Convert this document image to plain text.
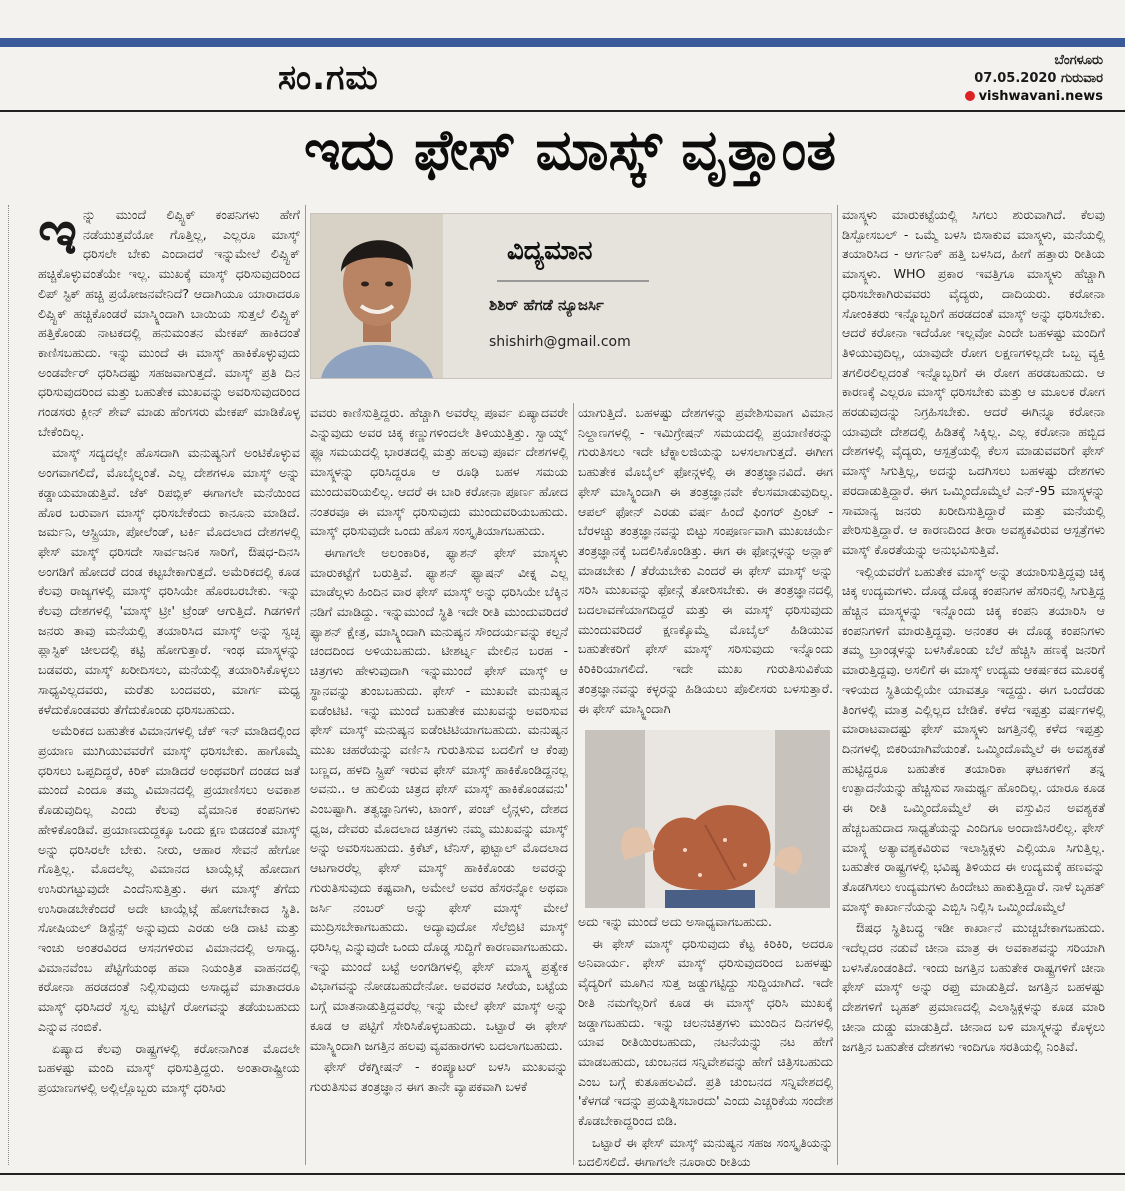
ಸಂ.ಗಮ	ಬೆಂಗಳೂರು
07.05.2020 ಗುರುವಾರ
vishwavani.news
ಇದು ಫೇಸ್ ಮಾಸ್ಕ್ ವೃತ್ತಾಂತ
ವಿದ್ಯಮಾನ
ಶಿಶಿರ್ ಹೆಗಡೆ ನ್ಯೂಜರ್ಸಿ
shishirh@gmail.com

ಇನ್ನು ಮುಂದೆ ಲಿಪ್ಸ್ಟಿಕ್ ಕಂಪನಿಗಳು ಹೇಗೆ ನಡೆಯುತ್ತವೆಯೋ ಗೊತ್ತಿಲ್ಲ, ಎಲ್ಲರೂ ಮಾಸ್ಕ್ ಧರಿಸಲೇ ಬೇಕು ಎಂದಾದರೆ ಇನ್ನುಮೇಲೆ ಲಿಪ್ಸ್ಟಿಕ್ ಹಚ್ಚಿಕೊಳ್ಳುವಂತೆಯೇ ಇಲ್ಲ. ಮುಖಕ್ಕೆ ಮಾಸ್ಕ್ ಧರಿಸುವುದರಿಂದ ಲಿಪ್ ಸ್ಟಿಕ್ ಹಚ್ಚಿ ಪ್ರಯೋಜನವೇನಿದೆ? ಆದಾಗಿಯೂ ಯಾರಾದರೂ ಲಿಪ್ಸ್ಟಿಕ್ ಹಚ್ಚಿಕೊಂಡರೆ ಮಾಸ್ಕ್ನಿಂದಾಗಿ ಬಾಯಿಯ ಸುತ್ತಲೆ ಲಿಪ್ಸ್ಟಿಕ್ ಹತ್ತಿಕೊಂಡು ನಾಟಕದಲ್ಲಿ ಹನುಮಂತನ ಮೇಕಪ್ ಹಾಕಿದಂತೆ ಕಾಣಿಸಬಹುದು. ಇನ್ನು ಮುಂದೆ ಈ ಮಾಸ್ಕ್ ಹಾಕಿಕೊಳ್ಳುವುದು ಅಂಡರ್ವೇರ್ ಧರಿಸಿದಷ್ಟು ಸಹಜವಾಗುತ್ತದೆ. ಮಾಸ್ಕ್ ಪ್ರತಿ ದಿನ ಧರಿಸುವುದರಿಂದ ಮತ್ತು ಬಹುತೇಕ ಮುಖವನ್ನು ಅವರಿಸುವುದರಿಂದ ಗಂಡಸರು ಕ್ಲೀನ್ ಶೇವ್ ಮಾಡು ಹೆಂಗಸರು ಮೇಕಪ್ ಮಾಡಿಕೊಳ್ಳ ಬೇಕೆಂದಿಲ್ಲ.

ಮಾಸ್ಕ್ ಸದ್ಯದಲ್ಲೇ ಹೊಸದಾಗಿ ಮನುಷ್ಯನಿಗೆ ಅಂಟಿಕೊಳ್ಳುವ ಅಂಗವಾಗಲಿದೆ, ಮೊಬೈಲ್ನಂತೆ. ಎಲ್ಲ ದೇಶಗಳೂ ಮಾಸ್ಕ್ ಅನ್ನು ಕಡ್ಡಾಯಮಾಡುತ್ತಿವೆ. ಜೆಕ್ ರಿಪಬ್ಲಿಕ್ ಈಗಾಗಲೇ ಮನೆಯಿಂದ ಹೊರ ಬರುವಾಗ ಮಾಸ್ಕ್ ಧರಿಸಬೇಕೆಂದು ಕಾನೂನು ಮಾಡಿದೆ. ಜರ್ಮನಿ, ಆಸ್ಟ್ರಿಯಾ, ಪೋಲೆಂಡ್, ಟರ್ಕಿ ಮೊದಲಾದ ದೇಶಗಳಲ್ಲಿ ಫೇಸ್ ಮಾಸ್ಕ್ ಧರಿಸದೇ ಸಾರ್ವಜನಿಕ ಸಾರಿಗೆ, ಔಷಧ-ದಿನಸಿ ಅಂಗಡಿಗೆ ಹೋದರೆ ದಂಡ ಕಟ್ಟಬೇಕಾಗುತ್ತದೆ. ಅಮೆರಿಕದಲ್ಲಿ ಕೂಡ ಕೆಲವು ರಾಜ್ಯಗಳಲ್ಲಿ ಮಾಸ್ಕ್ ಧರಿಸಿಯೇ ಹೊರಬರಬೇಕು. ಇನ್ನು ಕೆಲವು ದೇಶಗಳಲ್ಲಿ 'ಮಾಸ್ಕ್ ಟ್ರೀ' ಟ್ರೆಂಡ್ ಆಗುತ್ತಿದೆ. ಗಿಡಗಳಿಗೆ ಜನರು ತಾವು ಮನೆಯಲ್ಲಿ ತಯಾರಿಸಿದ ಮಾಸ್ಕ್ ಅನ್ನು ಸ್ವಚ್ಛ ಪ್ಲಾಸ್ಟಿಕ್ ಚೀಲದಲ್ಲಿ ಕಟ್ಟಿ ಹೋಗುತ್ತಾರೆ. ಇಂಥ ಮಾಸ್ಕ್ಗಳನ್ನು ಬಡವರು, ಮಾಸ್ಕ್ ಖರೀದಿಸಲು, ಮನೆಯಲ್ಲಿ ತಯಾರಿಸಿಕೊಳ್ಳಲು ಸಾಧ್ಯವಿಲ್ಲದವರು, ಮರೆತು ಬಂದವರು, ಮಾರ್ಗ ಮಧ್ಯ ಕಳೆದುಕೊಂಡವರು ತೆಗೆದುಕೊಂಡು ಧರಿಸಬಹುದು.

ಅಮೆರಿಕದ ಬಹುತೇಕ ವಿಮಾನಗಳಲ್ಲಿ ಚೆಕ್ ಇನ್ ಮಾಡಿದಲ್ಲಿಂದ ಪ್ರಯಾಣ ಮುಗಿಯುವವರೆಗೆ ಮಾಸ್ಕ್ ಧರಿಸಬೇಕು. ಹಾಗೊಮ್ಮೆ ಧರಿಸಲು ಒಪ್ಪದಿದ್ದರೆ, ಕಿರಿಕ್ ಮಾಡಿದರೆ ಅಂಥವರಿಗೆ ದಂಡದ ಜತೆ ಮುಂದೆ ಎಂದೂ ತಮ್ಮ ವಿಮಾನದಲ್ಲಿ ಪ್ರಯಾಣಿಸಲು ಅವಕಾಶ ಕೊಡುವುದಿಲ್ಲ ಎಂದು ಕೆಲವು ವೈಮಾನಿಕ ಕಂಪನಿಗಳು ಹೇಳಿಕೊಂಡಿವೆ. ಪ್ರಯಾಣದುದ್ದಕ್ಕೂ ಒಂದು ಕ್ಷಣ ಬಿಡದಂತೆ ಮಾಸ್ಕ್ ಅನ್ನು ಧರಿಸಿರಲೇ ಬೇಕು. ನೀರು, ಆಹಾರ ಸೇವನೆ ಹೇಗೋ ಗೊತ್ತಿಲ್ಲ. ಮೊದಲೆಲ್ಲ ವಿಮಾನದ ಟಾಯ್ಲೆಟ್ಗೆ ಹೋದಾಗ ಉಸಿರುಗಟ್ಟುವುದೇ ಎಂದೆನಿಸುತ್ತಿತ್ತು. ಈಗ ಮಾಸ್ಕ್ ತೆಗೆದು ಉಸಿರಾಡಬೇಕೆಂದರೆ ಅದೇ ಟಾಯ್ಲೆಟ್ಗೆ ಹೋಗಬೇಕಾದ ಸ್ಥಿತಿ. ಸೋಷಿಯಲ್ ಡಿಸ್ಟೆನ್ಸ್ ಅನ್ನುವುದು ಎರಡು ಅಡಿ ದಾಟಿ ಮತ್ತು ಇಂಚು ಅಂತರವಿರದ ಆಸನಗಳಿರುವ ವಿಮಾನದಲ್ಲಿ ಅಸಾಧ್ಯ. ವಿಮಾನವೆಂಬ ಪೆಟ್ಟಿಗೆಯಂಥ ಹವಾ ನಿಯಂತ್ರಿತ ವಾಹನದಲ್ಲಿ ಕರೋನಾ ಹರಡದಂತೆ ನಿಲ್ಲಿಸುವುದು ಅಸಾಧ್ಯವೆ ಮಾತಾದರೂ ಮಾಸ್ಕ್ ಧರಿಸಿದರೆ ಸ್ವಲ್ಪ ಮಟ್ಟಿಗೆ ರೋಗವನ್ನು ತಡೆಯಬಹುದು ಎನ್ನುವ ನಂಬಿಕೆ.

ಏಷ್ಯಾದ ಕೆಲವು ರಾಷ್ಟ್ರಗಳಲ್ಲಿ ಕರೋನಾಗಿಂತ ಮೊದಲೇ ಬಹಳಷ್ಟು ಮಂದಿ ಮಾಸ್ಕ್ ಧರಿಸುತ್ತಿದ್ದರು. ಅಂತಾರಾಷ್ಟ್ರೀಯ ಪ್ರಯಾಣಗಳಲ್ಲಿ ಅಲ್ಲಿಲ್ಲೊಬ್ಬರು ಮಾಸ್ಕ್ ಧರಿಸಿರು

ವವರು ಕಾಣಿಸುತ್ತಿದ್ದರು. ಹೆಚ್ಚಾಗಿ ಅವರೆಲ್ಲ ಪೂರ್ವ ಏಷ್ಯಾದವರೇ ಎನ್ನುವುದು ಅವರ ಚಿಕ್ಕ ಕಣ್ಣುಗಳಿಂದಲೇ ತಿಳಿಯುತ್ತಿತ್ತು. ಸ್ವಾಯ್ನ್ ಫ್ಲೂ ಸಮಯದಲ್ಲಿ ಭಾರತದಲ್ಲಿ ಮತ್ತು ಹಲವು ಪೂರ್ವ ದೇಶಗಳಲ್ಲಿ ಮಾಸ್ಕ್ಗಳನ್ನು ಧರಿಸಿದ್ದರೂ ಆ ರೂಢಿ ಬಹಳ ಸಮಯ ಮುಂದುವರಿಯಲಿಲ್ಲ. ಆದರೆ ಈ ಬಾರಿ ಕರೋನಾ ಪೂರ್ಣ ಹೋದ ನಂತರವೂ ಈ ಮಾಸ್ಕ್ ಧರಿಸುವುದು ಮುಂದುವರಿಯಬಹುದು. ಮಾಸ್ಕ್ ಧರಿಸುವುದೇ ಒಂದು ಹೊಸ ಸಂಸ್ಕೃತಿಯಾಗಬಹುದು.

ಈಗಾಗಲೇ ಅಲಂಕಾರಿಕ, ಫ್ಯಾಶನ್ ಫೇಸ್ ಮಾಸ್ಕ್ಗಳು ಮಾರುಕಟ್ಟೆಗೆ ಬರುತ್ತಿವೆ. ಫ್ಯಾಶನ್ ಫ್ಯಾಷನ್ ವೀಕ್ನ ಎಲ್ಲ ಮಾಡೆಲ್ಗಳು ಹಿಂದಿನ ವಾರ ಫೇಸ್ ಮಾಸ್ಕ್ ಅನ್ನು ಧರಿಸಿಯೇ ಬೆಕ್ಕಿನ ನಡಿಗೆ ಮಾಡಿದ್ದು. ಇನ್ನುಮುಂದೆ ಸ್ಥಿತಿ ಇದೇ ರೀತಿ ಮುಂದುವರಿದರೆ ಫ್ಯಾಶನ್ ಕ್ಷೇತ್ರ, ಮಾಸ್ಕ್ನಿಂದಾಗಿ ಮನುಷ್ಯನ ಸೌಂದರ್ಯವನ್ನು ಕಲ್ಪನೆ ಚಂದದಿಂದ ಅಳಿಯಬಹುದು. ಟೀಶರ್ಟ್ನ ಮೇಲಿನ ಬರಹ - ಚಿತ್ರಗಳು ಹೇಳುವುದಾಗಿ ಇನ್ನುಮುಂದೆ ಫೇಸ್ ಮಾಸ್ಕ್ ಆ ಸ್ಥಾನವನ್ನು ತುಂಬಬಹುದು. ಫೇಸ್ - ಮುಖವೇ ಮನುಷ್ಯನ ಐಡೆಂಟಿಟಿ. ಇನ್ನು ಮುಂದೆ ಬಹುತೇಕ ಮುಖವನ್ನು ಅವರಿಸುವ ಫೇಸ್ ಮಾಸ್ಕ್ ಮನುಷ್ಯನ ಐಡೆಂಟಿಟಿಯಾಗಬಹುದು. ಮನುಷ್ಯನ ಮುಖ ಚಹರೆಯನ್ನು ವರ್ಣಿಸಿ ಗುರುತಿಸುವ ಬದಲಿಗೆ ಆ ಕೆಂಪು ಬಣ್ಣದ, ಹಳದಿ ಸ್ಟ್ರಿಪ್ ಇರುವ ಫೇಸ್ ಮಾಸ್ಕ್ ಹಾಕಿಕೊಂಡಿದ್ದನಲ್ಲ ಅವನು.. ಆ ಹುಲಿಯ ಚಿತ್ರದ ಫೇಸ್ ಮಾಸ್ಕ್ ಹಾಕಿಕೊಂಡವನು' ಎಂಬಷ್ಟಾಗಿ. ತತ್ವಜ್ಞಾನಿಗಳು, ಟಾಂಗ್, ಪಂಚ್ ಲೈನ್ಗಳು, ದೇಶದ ಧ್ವಜ, ದೇವರು ಮೊದಲಾದ ಚಿತ್ರಗಳು ನಮ್ಮ ಮುಖವನ್ನು ಮಾಸ್ಕ್ ಅನ್ನು ಅವರಿಸಬಹುದು. ಕ್ರಿಕೆಟ್, ಟೆನಿಸ್, ಫುಟ್ಬಾಲ್ ಮೊದಲಾದ ಆಟಗಾರರೆಲ್ಲ ಫೇಸ್ ಮಾಸ್ಕ್ ಹಾಕಿಕೊಂಡು ಅವರನ್ನು ಗುರುತಿಸುವುದು ಕಷ್ಟವಾಗಿ, ಅಮೇಲೆ ಅವರ ಹೆಸರನ್ನೋ ಅಥವಾ ಜರ್ಸಿ ನಂಬರ್ ಅನ್ನು ಫೇಸ್ ಮಾಸ್ಕ್ ಮೇಲೆ ಮುದ್ರಿಸಬೇಕಾಗಬಹುದು. ಅದ್ಯಾವುದೋ ಸೆಲೆಬ್ರಿಟಿ ಮಾಸ್ಕ್ ಧರಿಸಿಲ್ಲ ಎನ್ನುವುದೇ ಒಂದು ದೊಡ್ಡ ಸುದ್ದಿಗೆ ಕಾರಣವಾಗಬಹುದು. ಇನ್ನು ಮುಂದೆ ಬಟ್ಟೆ ಅಂಗಡಿಗಳಲ್ಲಿ ಫೇಸ್ ಮಾಸ್ಕ್ನ ಪ್ರತ್ಯೇಕ ವಿಭಾಗವನ್ನು ನೋಡಬಹುದೇನೋ. ಅವರವರ ಸೀರೆಯ, ಬಟ್ಟೆಯ ಬಗ್ಗೆ ಮಾತನಾಡುತ್ತಿದ್ದವರೆಲ್ಲ ಇನ್ನು ಮೇಲೆ ಫೇಸ್ ಮಾಸ್ಕ್ ಅನ್ನು ಕೂಡ ಆ ಪಟ್ಟಿಗೆ ಸೇರಿಸಿಕೊಳ್ಳಬಹುದು. ಒಟ್ಟಾರೆ ಈ ಫೇಸ್ ಮಾಸ್ಕ್ನಿಂದಾಗಿ ಜಗತ್ತಿನ ಹಲವು ವ್ಯವಹಾರಗಳು ಬದಲಾಗಬಹುದು.

ಫೇಸ್ ರೆಕಗ್ನೀಷನ್ - ಕಂಪ್ಯೂಟರ್ ಬಳಸಿ ಮುಖವನ್ನು ಗುರುತಿಸುವ ತಂತ್ರಜ್ಞಾನ ಈಗ ತಾನೇ ವ್ಯಾಪಕವಾಗಿ ಬಳಕೆ

ಯಾಗುತ್ತಿದೆ. ಬಹಳಷ್ಟು ದೇಶಗಳನ್ನು ಪ್ರವೇಶಿಸುವಾಗ ವಿಮಾನ ನಿಲ್ದಾಣಗಳಲ್ಲಿ - ಇಮಿಗ್ರೇಷನ್ ಸಮಯದಲ್ಲಿ ಪ್ರಯಾಣಿಕರನ್ನು ಗುರುತಿಸಲು ಇದೇ ಟೆಕ್ನಾಲಜಿಯನ್ನು ಬಳಸಲಾಗುತ್ತದೆ. ಈಗೀಗ ಬಹುತೇಕ ಮೊಬೈಲ್ ಫೋನ್ಗಳಲ್ಲಿ ಈ ತಂತ್ರಜ್ಞಾನವಿದೆ. ಈಗ ಫೇಸ್ ಮಾಸ್ಕ್ನಿಂದಾಗಿ ಈ ತಂತ್ರಜ್ಞಾನವೇ ಕೆಲಸಮಾಡುವುದಿಲ್ಲ. ಆಪಲ್ ಫೋನ್ ಎರಡು ವರ್ಷ ಹಿಂದೆ ಫಿಂಗರ್ ಪ್ರಿಂಟ್ - ಬೆರಳಚ್ಚು ತಂತ್ರಜ್ಞಾನವನ್ನು ಬಿಟ್ಟು ಸಂಪೂರ್ಣವಾಗಿ ಮುಖಚರ್ಯೆ ತಂತ್ರಜ್ಞಾನಕ್ಕೆ ಬದಲಿಸಿಕೊಂಡಿತ್ತು. ಈಗ ಈ ಫೋನ್ಗಳನ್ನು ಅನ್ಲಾಕ್ ಮಾಡಬೇಕು / ತೆರೆಯಬೇಕು ಎಂದರೆ ಈ ಫೇಸ್ ಮಾಸ್ಕ್ ಅನ್ನು ಸರಿಸಿ ಮುಖವನ್ನು ಫೋನ್ಗೆ ತೋರಿಸಬೇಕು. ಈ ತಂತ್ರಜ್ಞಾನದಲ್ಲಿ ಬದಲಾವಣೆಯಾಗದಿದ್ದರೆ ಮತ್ತು ಈ ಮಾಸ್ಕ್ ಧರಿಸುವುದು ಮುಂದುವರಿದರೆ ಕ್ಷಣಕ್ಕೊಮ್ಮೆ ಮೊಬೈಲ್ ಹಿಡಿಯುವ ಬಹುತೇಕರಿಗೆ ಫೇಸ್ ಮಾಸ್ಕ್ ಸರಿಸುವುದು ಇನ್ನೊಂದು ಕಿರಿಕಿರಿಯಾಗಲಿದೆ. ಇದೇ ಮುಖ ಗುರುತಿಸುವಿಕೆಯ ತಂತ್ರಜ್ಞಾನವನ್ನು ಕಳ್ಳರನ್ನು ಹಿಡಿಯಲು ಪೊಲೀಸರು ಬಳಸುತ್ತಾರೆ. ಈ ಫೇಸ್ ಮಾಸ್ಕ್ನಿಂದಾಗಿ

ಅದು ಇನ್ನು ಮುಂದೆ ಅದು ಅಸಾಧ್ಯವಾಗಬಹುದು.

ಈ ಫೇಸ್ ಮಾಸ್ಕ್ ಧರಿಸುವುದು ಕೆಟ್ಟ ಕಿರಿಕಿರಿ, ಅದರೂ ಅನಿವಾರ್ಯ. ಫೇಸ್ ಮಾಸ್ಕ್ ಧರಿಸುವುದರಿಂದ ಬಹಳಷ್ಟು ವೈದ್ಯರಿಗೆ ಮೂಗಿನ ಸುತ್ತ ಜಡ್ಡುಗಟ್ಟಿದ್ದು ಸುದ್ದಿಯಾಗಿದೆ. ಇದೇ ರೀತಿ ನಮಗೆಲ್ಲರಿಗೆ ಕೂಡ ಈ ಮಾಸ್ಕ್ ಧರಿಸಿ ಮುಖಕ್ಕೆ ಜಡ್ಡಾಗಬಹುದು. ಇನ್ನು ಚಲನಚಿತ್ರಗಳು ಮುಂದಿನ ದಿನಗಳಲ್ಲಿ ಯಾವ ರೀತಿಯಿರಬಹುದು, ನಟನೆಯನ್ನು ನಟ ಹೇಗೆ ಮಾಡಬಹುದು, ಚುಂಬನದ ಸನ್ನಿವೇಶವನ್ನು ಹೇಗೆ ಚಿತ್ರಿಸಬಹುದು ಎಂಬ ಬಗ್ಗೆ ಕುತೂಹಲವಿದೆ. ಪ್ರತಿ ಚುಂಬನದ ಸನ್ನಿವೇಶದಲ್ಲಿ 'ಕೆಳಗಡೆ ಇದನ್ನು ಪ್ರಯತ್ನಿಸಬಾರದು' ಎಂದು ಎಚ್ಚರಿಕೆಯ ಸಂದೇಶ ಕೊಡಬೇಕಾದ್ದರಿಂದ ಬಿಡಿ.

ಒಟ್ಟಾರೆ ಈ ಫೇಸ್ ಮಾಸ್ಕ್ ಮನುಷ್ಯನ ಸಹಜ ಸಂಸ್ಕೃತಿಯನ್ನು ಬದಲಿಸಲಿದೆ. ಈಗಾಗಲೇ ನೂರಾರು ರೀತಿಯ

ಮಾಸ್ಕ್ಗಳು ಮಾರುಕಟ್ಟೆಯಲ್ಲಿ ಸಿಗಲು ಶುರುವಾಗಿದೆ. ಕೆಲವು ಡಿಸ್ಪೋಸಬಲ್ - ಒಮ್ಮೆ ಬಳಸಿ ಬಿಸಾಕುವ ಮಾಸ್ಕ್ಗಳು, ಮನೆಯಲ್ಲಿ ತಯಾರಿಸಿದ - ಆರ್ಗನಿಕ್ ಹತ್ತಿ ಬಳಸಿದ, ಹೀಗೆ ಹತ್ತಾರು ರೀತಿಯ ಮಾಸ್ಕ್ಗಳು. WHO ಪ್ರಕಾರ ಇವತ್ತಿಗೂ ಮಾಸ್ಕ್ಗಳು ಹೆಚ್ಚಾಗಿ ಧರಿಸಬೇಕಾಗಿರುವವರು ವೈದ್ಯರು, ದಾದಿಯರು. ಕರೋನಾ ಸೋಂಕಿತರು ಇನ್ನೊಬ್ಬರಿಗೆ ಹರಡದಂತೆ ಮಾಸ್ಕ್ ಅನ್ನು ಧರಿಸಬೇಕು. ಆದರೆ ಕರೋನಾ ಇದೆಯೋ ಇಲ್ಲವೋ ಎಂದೇ ಬಹಳಷ್ಟು ಮಂದಿಗೆ ತಿಳಿಯುವುದಿಲ್ಲ, ಯಾವುದೇ ರೋಗ ಲಕ್ಷಣಗಳಿಲ್ಲದೇ ಒಬ್ಬ ವ್ಯಕ್ತಿ ತಗಲಿರಲಿಲ್ಲದಂತೆ ಇನ್ನೊಬ್ಬರಿಗೆ ಈ ರೋಗ ಹರಡಬಹುದು. ಆ ಕಾರಣಕ್ಕೆ ಎಲ್ಲರೂ ಮಾಸ್ಕ್ ಧರಿಸಬೇಕು ಮತ್ತು ಆ ಮೂಲಕ ರೋಗ ಹರಡುವುದನ್ನು ನಿಗ್ರಹಿಸಬೇಕು. ಆದರೆ ಈಗಿನ್ನೂ ಕರೋನಾ ಯಾವುದೇ ದೇಶದಲ್ಲಿ ಹಿಡಿತಕ್ಕೆ ಸಿಕ್ಕಿಲ್ಲ. ಎಲ್ಲ ಕರೋನಾ ಹಬ್ಬಿದ ದೇಶಗಳಲ್ಲಿ ವೈದ್ಯರು, ಆಸ್ಪತ್ರೆಯಲ್ಲಿ ಕೆಲಸ ಮಾಡುವವರಿಗೆ ಫೇಸ್ ಮಾಸ್ಕ್ ಸಿಗುತ್ತಿಲ್ಲ, ಅದನ್ನು ಒದಗಿಸಲು ಬಹಳಷ್ಟು ದೇಶಗಳು ಪರದಾಡುತ್ತಿದ್ದಾರೆ. ಈಗ ಒಮ್ಮಿಂದೊಮ್ಮೆಲೆ ಎನ್-95 ಮಾಸ್ಕ್ಗಳನ್ನು ಸಾಮಾನ್ಯ ಜನರು ಖರೀದಿಸುತ್ತಿದ್ದಾರೆ ಮತ್ತು ಮನೆಯಲ್ಲಿ ಪೇರಿಸುತ್ತಿದ್ದಾರೆ. ಆ ಕಾರಣದಿಂದ ತೀರಾ ಅವಶ್ಯಕವಿರುವ ಆಸ್ಪತ್ರೆಗಳು ಮಾಸ್ಕ್ ಕೊರತೆಯನ್ನು ಅನುಭವಿಸುತ್ತಿವೆ.

ಇಲ್ಲಿಯವರೆಗೆ ಬಹುತೇಕ ಮಾಸ್ಕ್ ಅನ್ನು ತಯಾರಿಸುತ್ತಿದ್ದವು ಚಿಕ್ಕ ಚಿಕ್ಕ ಉದ್ಯಮಗಳು. ದೊಡ್ಡ ದೊಡ್ಡ ಕಂಪನಿಗಳ ಹೆಸರಿನಲ್ಲಿ ಸಿಗುತ್ತಿದ್ದ ಹೆಚ್ಚಿನ ಮಾಸ್ಕ್ಗಳನ್ನು ಇನ್ನೊಂದು ಚಿಕ್ಕ ಕಂಪನಿ ತಯಾರಿಸಿ ಆ ಕಂಪನಿಗಳಿಗೆ ಮಾರುತ್ತಿದ್ದವು. ಅನಂತರ ಈ ದೊಡ್ಡ ಕಂಪನಿಗಳು ತಮ್ಮ ಬ್ರಾಂಡ್ಗಳನ್ನು ಬಳಸಿಕೊಂಡು ಬೆಲೆ ಹೆಚ್ಚಿಸಿ ಹಣಕ್ಕೆ ಜನರಿಗೆ ಮಾರುತ್ತಿದ್ದವು. ಅಸಲಿಗೆ ಈ ಮಾಸ್ಕ್ ಉದ್ಯಮ ಆಕರ್ಷಕದ ಮೂರಕ್ಕೆ ಇಳಿಯದ ಸ್ಥಿತಿಯಲ್ಲಿಯೇ ಯಾವತ್ತೂ ಇದ್ದದ್ದು. ಈಗ ಒಂದೆರಡು ತಿಂಗಳಲ್ಲಿ ಮಾತ್ರ ಎಲ್ಲಿಲ್ಲದ ಬೇಡಿಕೆ. ಕಳೆದ ಇಪ್ಪತ್ತು ವರ್ಷಗಳಲ್ಲಿ ಮಾರಾಟವಾದಷ್ಟು ಫೇಸ್ ಮಾಸ್ಕ್ಗಳು ಜಗತ್ತಿನಲ್ಲಿ ಕಳೆದ ಇಪ್ಪತ್ತು ದಿನಗಳಲ್ಲಿ ಬಿಕರಿಯಾಗಿವೆಯಂತೆ. ಒಮ್ಮಿಂದೊಮ್ಮೆಲೆ ಈ ಅವಶ್ಯಕತೆ ಹುಟ್ಟಿದ್ದರೂ ಬಹುತೇಕ ತಯಾರಿಕಾ ಘಟಕಗಳಿಗೆ ತನ್ನ ಉತ್ಪಾದನೆಯನ್ನು ಹೆಚ್ಚಿಸುವ ಸಾಮರ್ಥ್ಯ ಹೊಂದಿಲ್ಲ. ಯಾರೂ ಕೂಡ ಈ ರೀತಿ ಒಮ್ಮಿಂದೊಮ್ಮೆಲೆ ಈ ವಸ್ತುವಿನ ಅವಶ್ಯಕತೆ ಹೆಚ್ಚಬಹುದಾದ ಸಾಧ್ಯತೆಯನ್ನು ಎಂದಿಗೂ ಅಂದಾಜಿಸಿರಲಿಲ್ಲ. ಫೇಸ್ ಮಾಸ್ಕ್ಗೆ ಅತ್ಯಾವಶ್ಯಕವಿರುವ ಇಲಾಸ್ಟಿಕ್ಗಳು ಎಲ್ಲಿಯೂ ಸಿಗುತ್ತಿಲ್ಲ. ಬಹುತೇಕ ರಾಷ್ಟ್ರಗಳಲ್ಲಿ ಭವಿಷ್ಯ ತಿಳಿಯದ ಈ ಉದ್ಯಮಕ್ಕೆ ಹಣವನ್ನು ತೊಡಗಿಸಲು ಉದ್ಯಮಗಳು ಹಿಂದೇಟು ಹಾಕುತ್ತಿದ್ದಾರೆ. ನಾಳೆ ಬೃಹತ್ ಮಾಸ್ಕ್ ಕಾರ್ಖಾನೆಯನ್ನು ಎಬ್ಬಿಸಿ ನಿಲ್ಲಿಸಿ ಒಮ್ಮಿಂದೊಮ್ಮೆಲೆ

ಔಷಧ ಸ್ಥಿತಿಬದ್ಧ ಇಡೀ ಕಾರ್ಖಾನೆ ಮುಚ್ಚಬೇಕಾಗಬಹುದು. ಇದೆಲ್ಲದರ ನಡುವೆ ಚೀನಾ ಮಾತ್ರ ಈ ಅವಕಾಶವನ್ನು ಸರಿಯಾಗಿ ಬಳಸಿಕೊಂಡಂತಿದೆ. ಇಂದು ಜಗತ್ತಿನ ಬಹುತೇಕ ರಾಷ್ಟ್ರಗಳಿಗೆ ಚೀನಾ ಫೇಸ್ ಮಾಸ್ಕ್ ಅನ್ನು ರಫ್ತು ಮಾಡುತ್ತಿದೆ. ಜಗತ್ತಿನ ಬಹಳಷ್ಟು ದೇಶಗಳಿಗೆ ಬೃಹತ್ ಪ್ರಮಾಣದಲ್ಲಿ ಎಲಾಸ್ಟಿಕ್ಗಳನ್ನು ಕೂಡ ಮಾರಿ ಚೀನಾ ದುಡ್ಡು ಮಾಡುತ್ತಿದೆ. ಚೀನಾದ ಬಳಿ ಮಾಸ್ಕ್ಗಳನ್ನು ಕೊಳ್ಳಲು ಜಗತ್ತಿನ ಬಹುತೇಕ ದೇಶಗಳು ಇಂದಿಗೂ ಸರತಿಯಲ್ಲಿ ನಿಂತಿವೆ.
